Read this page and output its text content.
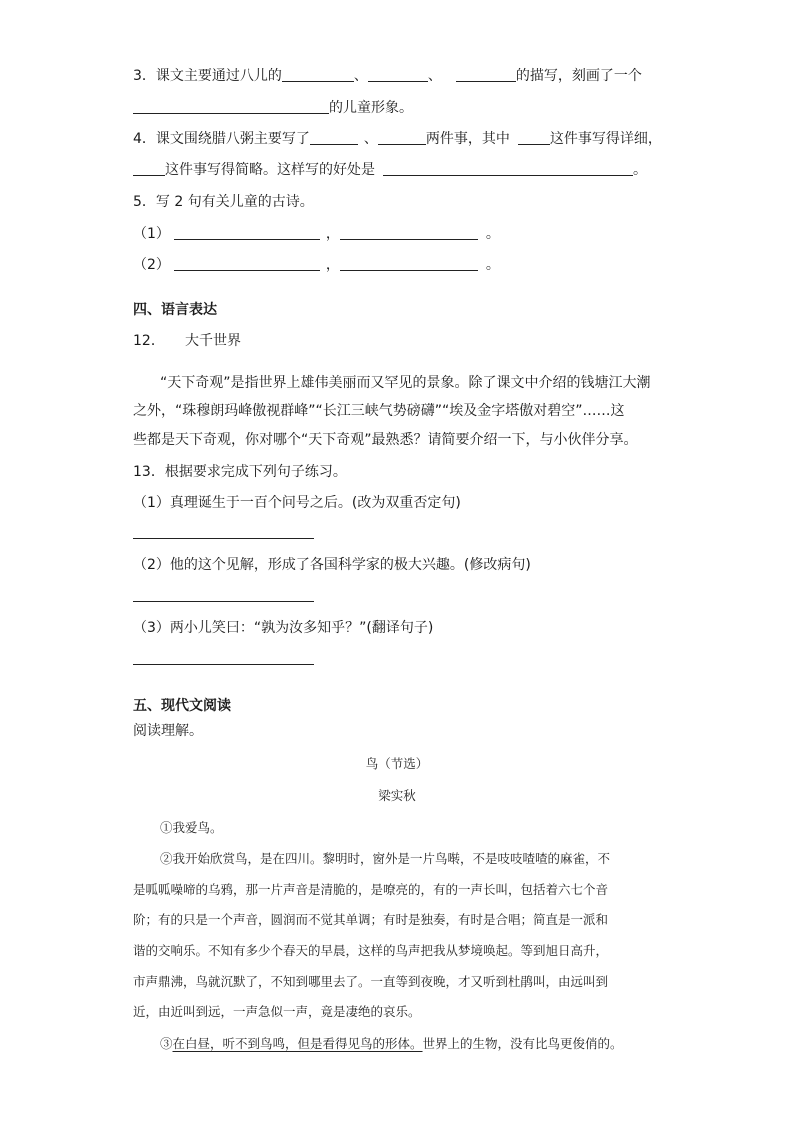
3．课文主要通过八儿的	、	、	的描写，刻画了一个
的儿童形象。
4．课文围绕腊八粥主要写了	、	两件事，其中	这件事写得详细，
这件事写得简略。这样写的好处是	。
5．写 2 句有关儿童的古诗。
（1）	，	。
（2）	，	。
四、语言表达
12． 大千世界
“天下奇观”是指世界上雄伟美丽而又罕见的景象。除了课文中介绍的钱塘江大潮
之外，“珠穆朗玛峰傲视群峰”“长江三峡气势磅礴”“埃及金字塔傲对碧空”……这
些都是天下奇观，你对哪个“天下奇观”最熟悉？请简要介绍一下，与小伙伴分享。
13．根据要求完成下列句子练习。
（1）真理诞生于一百个问号之后。(改为双重否定句)
（2）他的这个见解，形成了各国科学家的极大兴趣。(修改病句)
（3）两小儿笑曰：“孰为汝多知乎？”(翻译句子)
五、现代文阅读
阅读理解。
鸟（节选）
梁实秋
①我爱鸟。
②我开始欣赏鸟，是在四川。黎明时，窗外是一片鸟啭，不是吱吱喳喳的麻雀，不
是呱呱噪啼的乌鸦，那一片声音是清脆的，是嘹亮的，有的一声长叫，包括着六七个音
阶；有的只是一个声音，圆润而不觉其单调；有时是独奏，有时是合唱；简直是一派和
谐的交响乐。不知有多少个春天的早晨，这样的鸟声把我从梦境唤起。等到旭日高升，
市声鼎沸，鸟就沉默了，不知到哪里去了。一直等到夜晚，才又听到杜鹃叫，由远叫到
近，由近叫到远，一声急似一声，竟是凄绝的哀乐。
③在白昼，听不到鸟鸣，但是看得见鸟的形体。世界上的生物，没有比鸟更俊俏的。
